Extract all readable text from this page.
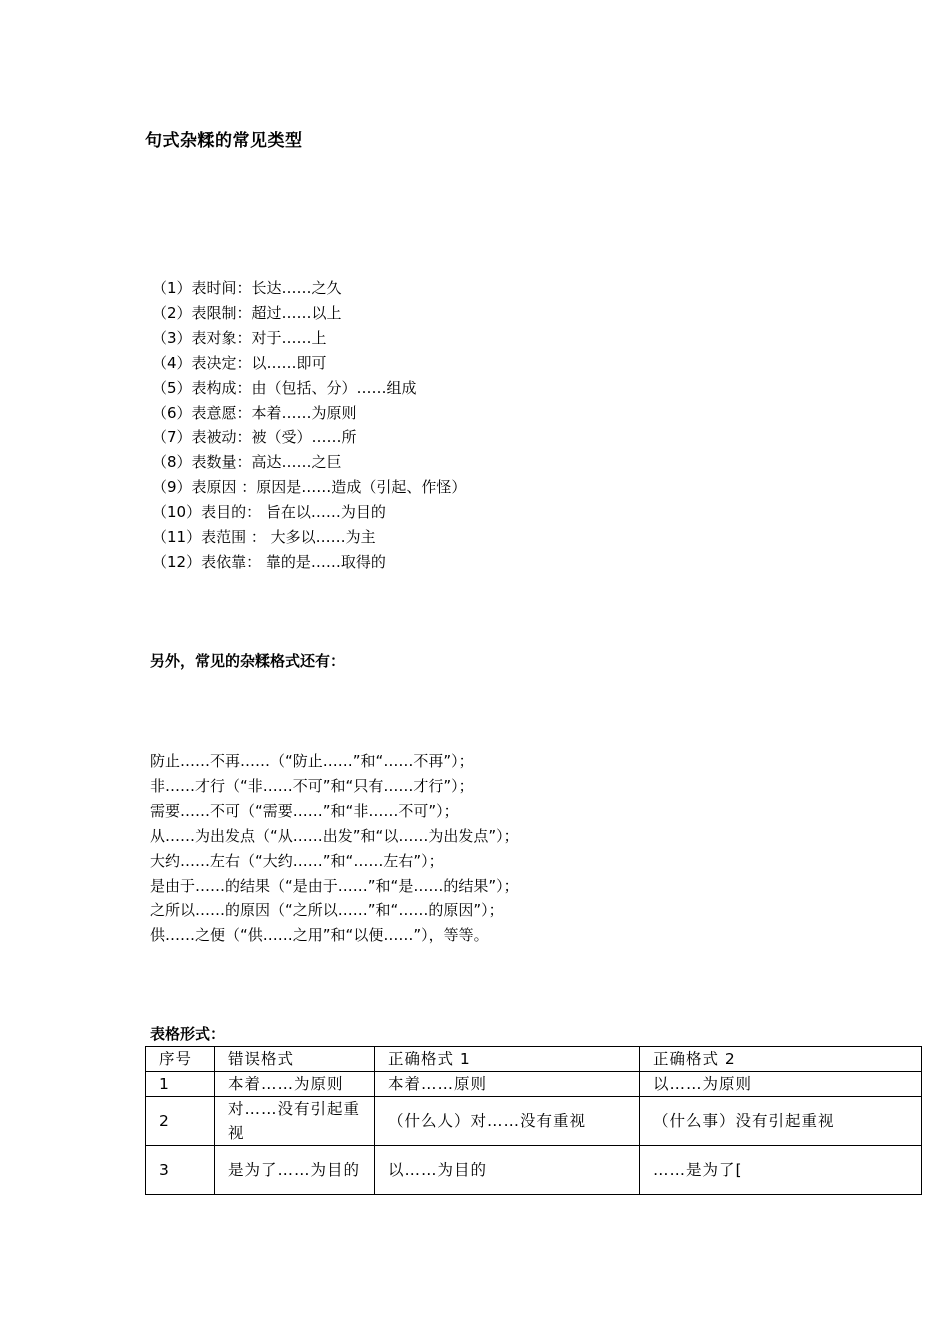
句式杂糅的常见类型
（1）表时间：长达……之久
（2）表限制：超过……以上
（3）表对象：对于……上
（4）表决定：以……即可
（5）表构成：由（包括、分）……组成
（6）表意愿：本着……为原则
（7）表被动：被（受）……所
（8）表数量：高达……之巨
（9）表原因 ：原因是……造成（引起、作怪）
（10）表目的： 旨在以……为目的
（11）表范围 ： 大多以……为主
（12）表依靠： 靠的是……取得的
另外，常见的杂糅格式还有：
防止……不再……（“防止……”和“……不再”）；
非……才行（“非……不可”和“只有……才行”）；
需要……不可（“需要……”和“非……不可”）；
从……为出发点（“从……出发”和“以……为出发点”）；
大约……左右（“大约……”和“……左右”）；
是由于……的结果（“是由于……”和“是……的结果”）；
之所以……的原因（“之所以……”和“……的原因”）；
供……之便（“供……之用”和“以便……”），等等。
表格形式：
序号	错误格式	正确格式 1	正确格式 2
1	本着……为原则	本着……原则	以……为原则
2	对……没有引起重视	（什么人）对……没有重视	（什么事）没有引起重视
3	是为了……为目的	以……为目的	……是为了[
